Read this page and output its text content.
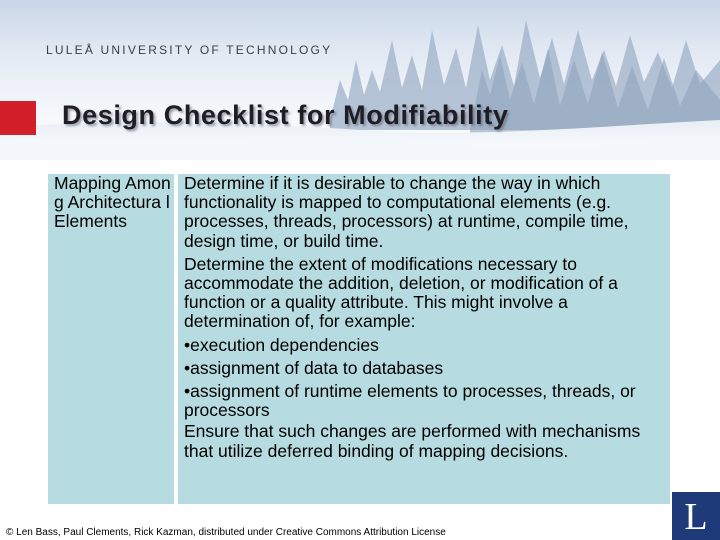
LULEÅ UNIVERSITY OF TECHNOLOGY
Design Checklist for Modifiability
Mapping Among Architectura l Elements

Determine if it is desirable to change the way in which functionality is mapped to computational elements (e.g. processes, threads, processors) at runtime, compile time, design time, or build time.

Determine the extent of modifications necessary to accommodate the addition, deletion, or modification of a function or a quality attribute. This might involve a determination of, for example:

•execution dependencies

•assignment of data to databases

•assignment of runtime elements to processes, threads, or processors

Ensure that such changes are performed with mechanisms that utilize deferred binding of mapping decisions.

© Len Bass, Paul Clements, Rick Kazman, distributed under Creative Commons Attribution License	L
